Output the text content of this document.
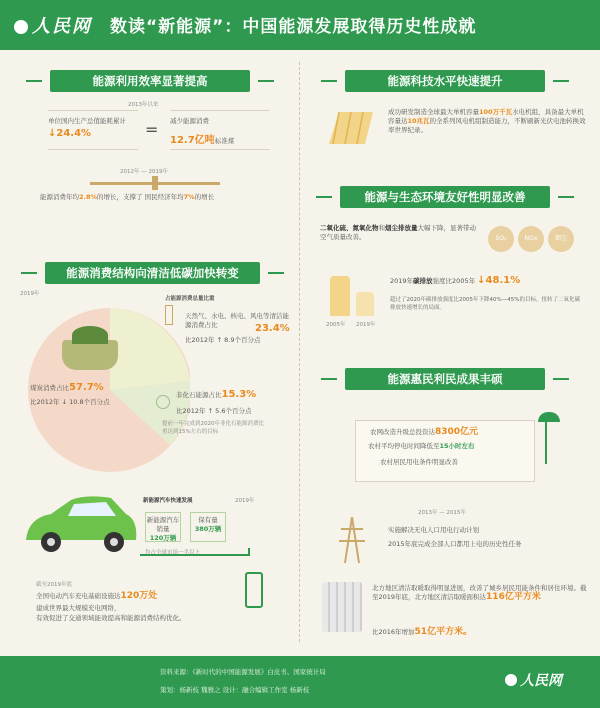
人民网	数读“新能源”：中国能源发展取得历史性成就
能源利用效率显著提高
2013年以来
单位国内生产总值能耗累计
↓24.4%	= 减少能源消费
12.7亿吨标准煤
2012年 — 2019年
能源消费年均2.8%的增长，支撑了 国民经济年均7%的增长
能源消费结构向清洁低碳加快转变
2019年
占能源消费总量比重
天然气、水电、核电、风电等清洁能源消费占比	23.4%
比2012年 ↑ 8.9个百分点
煤炭消费占比57.7%
比2012年 ↓ 10.8个百分点
非化石能源占比15.3%
比2012年 ↑ 5.6个百分点
提前一年完成到2020年非化石能源消费比
重达到15%左右的目标
新能源汽车快速发展	2019年
新能源汽车销量
120万辆
保有量
380万辆
均占全球市场一半以上
截至2019年底
全国电动汽车充电基础设施达120万处
建成世界最大规模充电网络，
有效促进了交通领域能效提高和能源消费结构优化。
能源科技水平快速提升
成功研发制造全球最大单机容量100万千瓦水电机组，具备最大单机容量达10兆瓦的全系列风电机组制造能力，不断刷新光伏电池转换效率世界纪录。
能源与生态环境友好性明显改善
二氧化硫、氮氧化物和烟尘排放量大幅下降，显著带动空气质量改善。	SO₂	NOx	烟尘
2005年 2019年
2019年碳排放强度比2005年 ↓48.1%
超过了2020年碳排放强度比2005年下降40%—45%的目标，扭转了二氧化碳排放快速增长的局面。
能源惠民利民成果丰硕
农网改造升级总投资达8300亿元
农村平均停电时间降低至15小时左右
农村居民用电条件明显改善
2013年 — 2015年
实施解决无电人口用电行动计划
2015年底完成全部人口都用上电的历史性任务
北方地区清洁取暖取得明显进展，改善了城乡居民用能条件和居住环境。截至2019年底，北方地区清洁取暖面积达116亿平方米
比2016年增加51亿平方米。
资料来源：《新时代的中国能源发展》白皮书、国家统计局
策划：杨新枝 魏雅之 设计：融合编辑工作室 杨新枝
人民网
